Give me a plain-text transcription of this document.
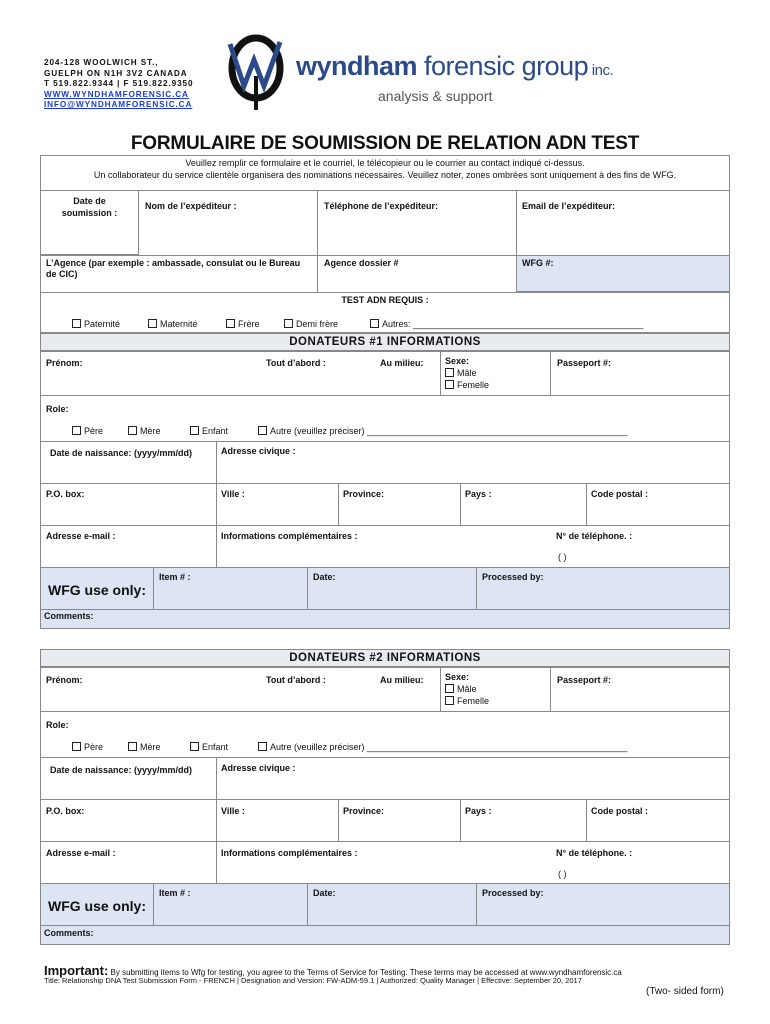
204-128 WOOLWICH ST.,
GUELPH ON N1H 3V2 CANADA
T 519.822.9344 | F 519.822.9350
WWW.WYNDHAMFORENSIC.CA
INFO@WYNDHAMFORENSIC.CA
wyndham forensic group inc.
analysis & support
FORMULAIRE DE SOUMISSION DE RELATION ADN TEST
Veuillez remplir ce formulaire et le courriel, le télécopieur ou le courrier au contact indiqué ci-dessus.
Un collaborateur du service clientèle organisera des nominations nécessaires. Veuillez noter, zones ombrées sont uniquement à des fins de WFG.
Date de soumission :
Nom de l’expéditeur :	Téléphone de l’expéditeur:	Email de l’expéditeur:
L’Agence (par exemple : ambassade, consulat ou le Bureau de CIC)
Agence dossier #	WFG #:
TEST ADN REQUIS :
Paternité	Maternité	Frère	Demi frère	Autres: ______________________________________________
DONATEURS #1 INFORMATIONS
Prénom:	Tout d’abord :	Au milieu: Sexe:
Mâle
Femelle
Passeport #:
Role:
Père	Mère	Enfant	Autre (veuillez préciser) ____________________________________________________
Date de naissance: (yyyy/mm/dd)	Adresse civique :
P.O. box:	Ville :	Province:	Pays :	Code postal :
Adresse e-mail :	Informations complémentaires :	N° de téléphone. :
( )
WFG use only:
Item # :	Date:	Processed by:
Comments:
DONATEURS #2 INFORMATIONS
Prénom:	Tout d’abord :	Au milieu: Sexe:
Mâle
Femelle
Passeport #:
Role:
Père	Mère	Enfant	Autre (veuillez préciser) ____________________________________________________
Date de naissance: (yyyy/mm/dd)	Adresse civique :
P.O. box:	Ville :	Province:	Pays :	Code postal :
Adresse e-mail :	Informations complémentaires :	N° de téléphone. :
( )
WFG use only:
Item # :	Date:	Processed by:
Comments:
Important: By submitting items to Wfg for testing, you agree to the Terms of Service for Testing. These terms may be accessed at www.wyndhamforensic.ca
Title: Relationship DNA Test Submission Form - FRENCH | Designation and Version: FW-ADM-59.1 | Authorized: Quality Manager | Effective: September 20, 2017
(Two- sided form)
